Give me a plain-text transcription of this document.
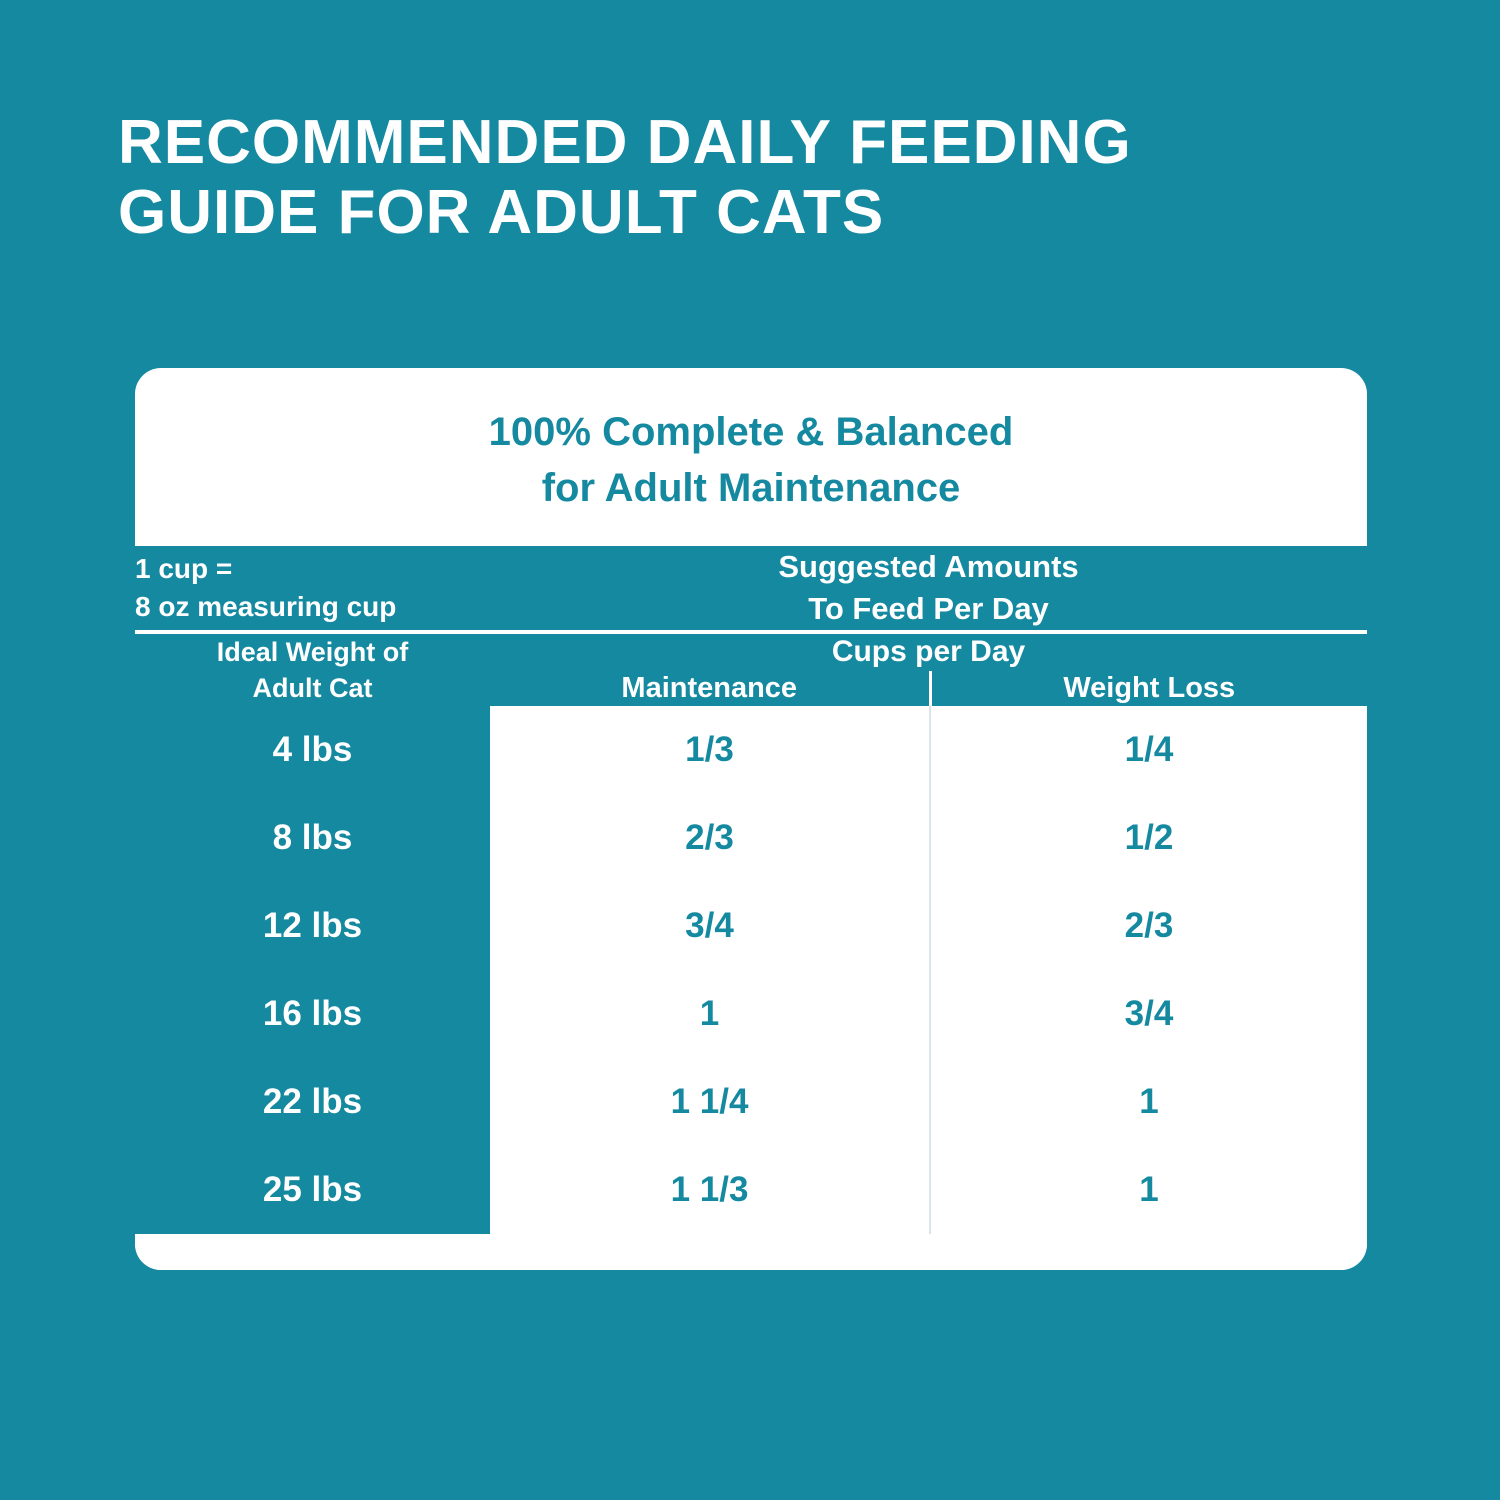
RECOMMENDED DAILY FEEDING
GUIDE FOR ADULT CATS
100% Complete & Balanced
for Adult Maintenance
1 cup =
8 oz measuring cup	Suggested Amounts
To Feed Per Day	

Ideal Weight of
Adult Cat	Cups per Day	
	Maintenance	Weight Loss
4 lbs	1/3	1/4
8 lbs	2/3	1/2
12 lbs	3/4	2/3
16 lbs	1	3/4
22 lbs	1 1/4	1
25 lbs	1 1/3	1
